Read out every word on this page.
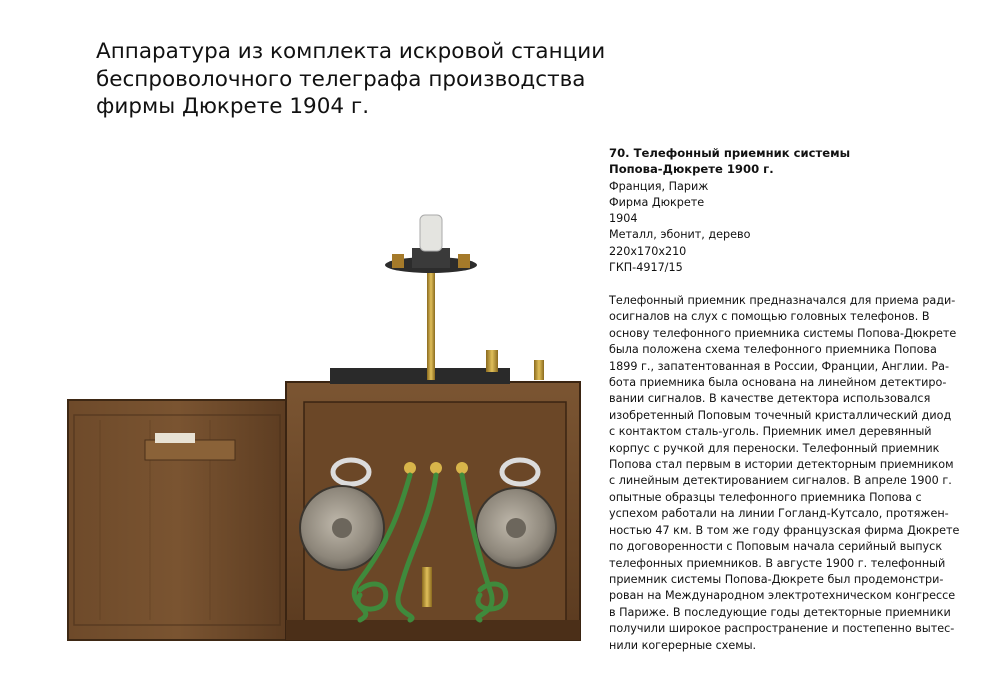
Аппаратура из комплекта искровой станции
беспроволочного телеграфа производства
фирмы Дюкрете 1904 г.
70. Телефонный приемник системы
Попова-Дюкрете 1900 г.
Франция, Париж
Фирма Дюкрете
1904
Металл, эбонит, дерево
220х170х210
ГКП-4917/15
Телефонный приемник предназначался для приема ради-
осигналов на слух с помощью головных телефонов. В
основу телефонного приемника системы Попова-Дюкрете
была положена схема телефонного приемника Попова
1899 г., запатентованная в России, Франции, Англии. Ра-
бота приемника была основана на линейном детектиро-
вании сигналов. В качестве детектора использовался
изобретенный Поповым точечный кристаллический диод
с контактом сталь-уголь. Приемник имел деревянный
корпус с ручкой для переноски. Телефонный приемник
Попова стал первым в истории детекторным приемником
с линейным детектированием сигналов. В апреле 1900 г.
опытные образцы телефонного приемника Попова с
успехом работали на линии Гогланд-Кутсало, протяжен-
ностью 47 км. В том же году французская фирма Дюкрете
по договоренности с Поповым начала серийный выпуск
телефонных приемников. В августе 1900 г. телефонный
приемник системы Попова-Дюкрете был продемонстри-
рован на Международном электротехническом конгрессе
в Париже. В последующие годы детекторные приемники
получили широкое распространение и постепенно вытес-
нили когерерные схемы.
